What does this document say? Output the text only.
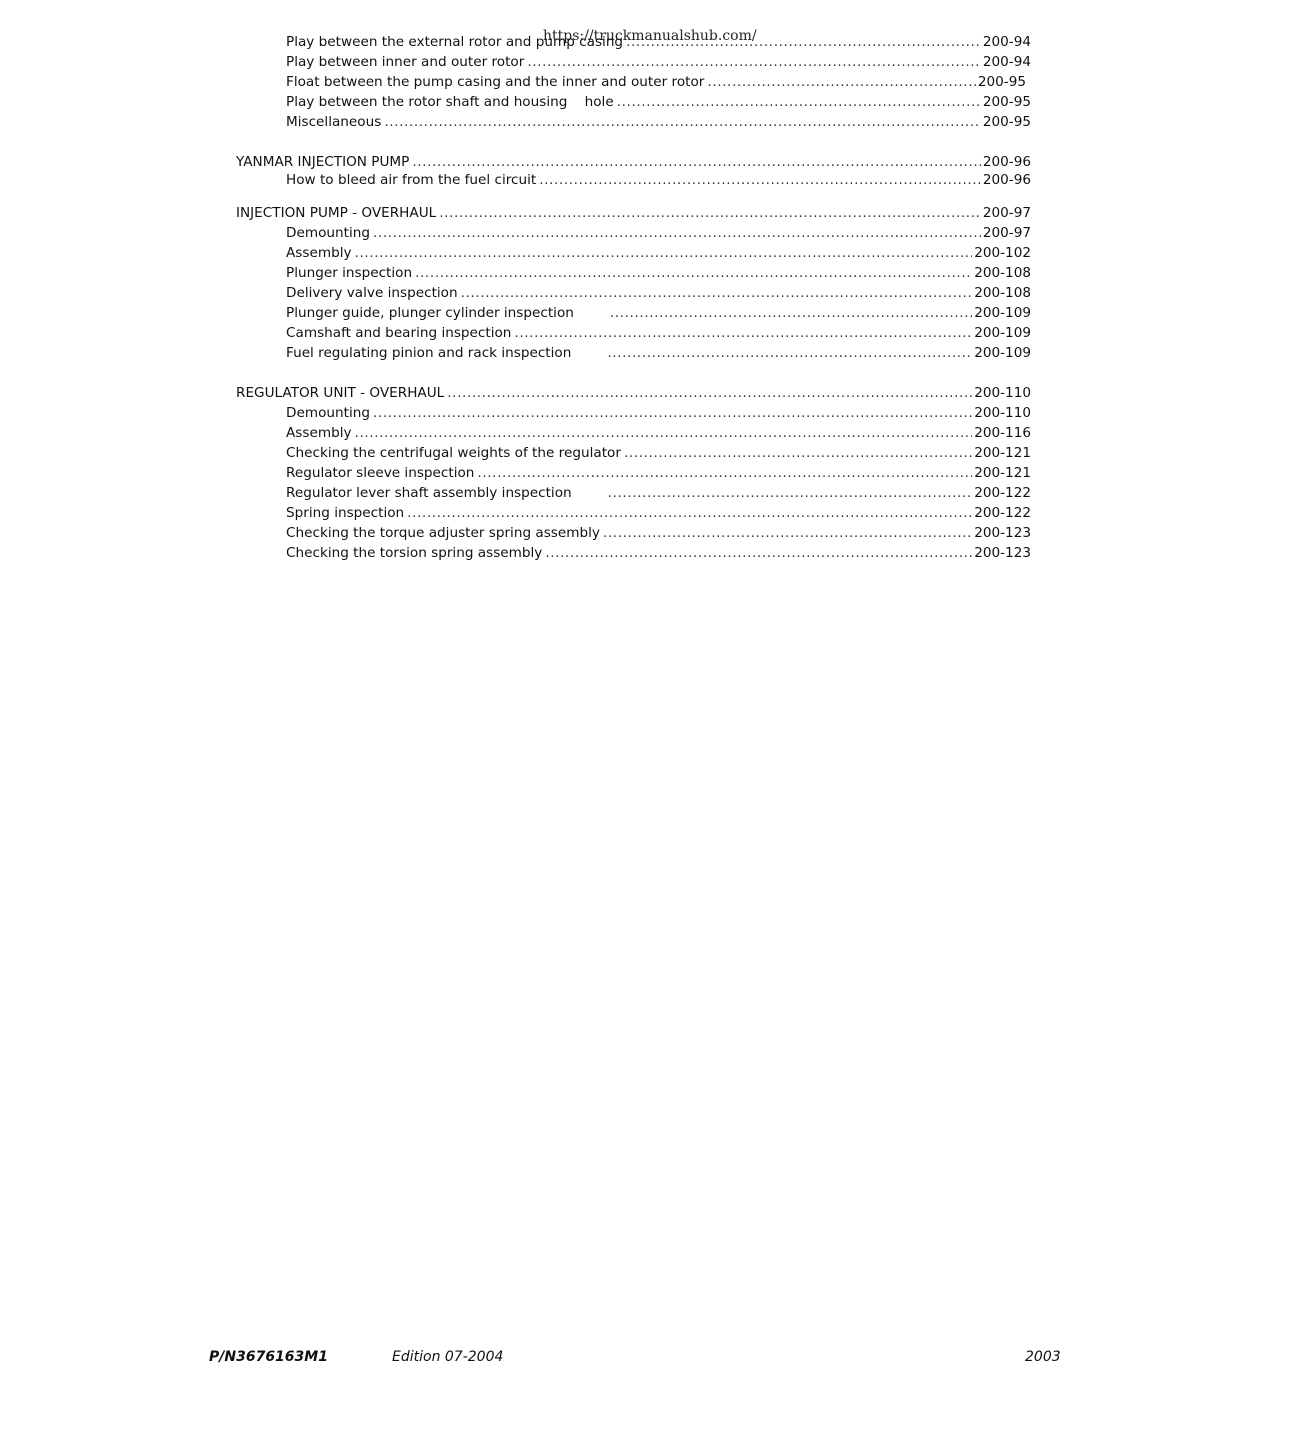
https://truckmanualshub.com/
Play between the external rotor and pump casing .....	200-94
Play between inner and outer rotor .....	200-94
Float between the pump casing and the inner and outer rotor .....	200-95
Play between the rotor shaft and housing    hole .....	200-95
Miscellaneous .....	200-95
YANMAR INJECTION PUMP .....	200-96
How to bleed air from the fuel circuit .....	200-96
INJECTION PUMP - OVERHAUL .....	200-97
Demounting .....	200-97
Assembly .....	200-102
Plunger inspection .....	200-108
Delivery valve inspection .....	200-108
Plunger guide, plunger cylinder inspection .....	200-109
Camshaft and bearing inspection .....	200-109
Fuel regulating pinion and rack inspection .....	200-109
REGULATOR UNIT - OVERHAUL .....	200-110
Demounting .....	200-110
Assembly .....	200-116
Checking the centrifugal weights of the regulator .....	200-121
Regulator sleeve inspection .....	200-121
Regulator lever shaft assembly inspection .....	200-122
Spring inspection .....	200-122
Checking the torque adjuster spring assembly .....	200-123
Checking the torsion spring assembly .....	200-123
P/N3676163M1	Edition 07-2004	2003
